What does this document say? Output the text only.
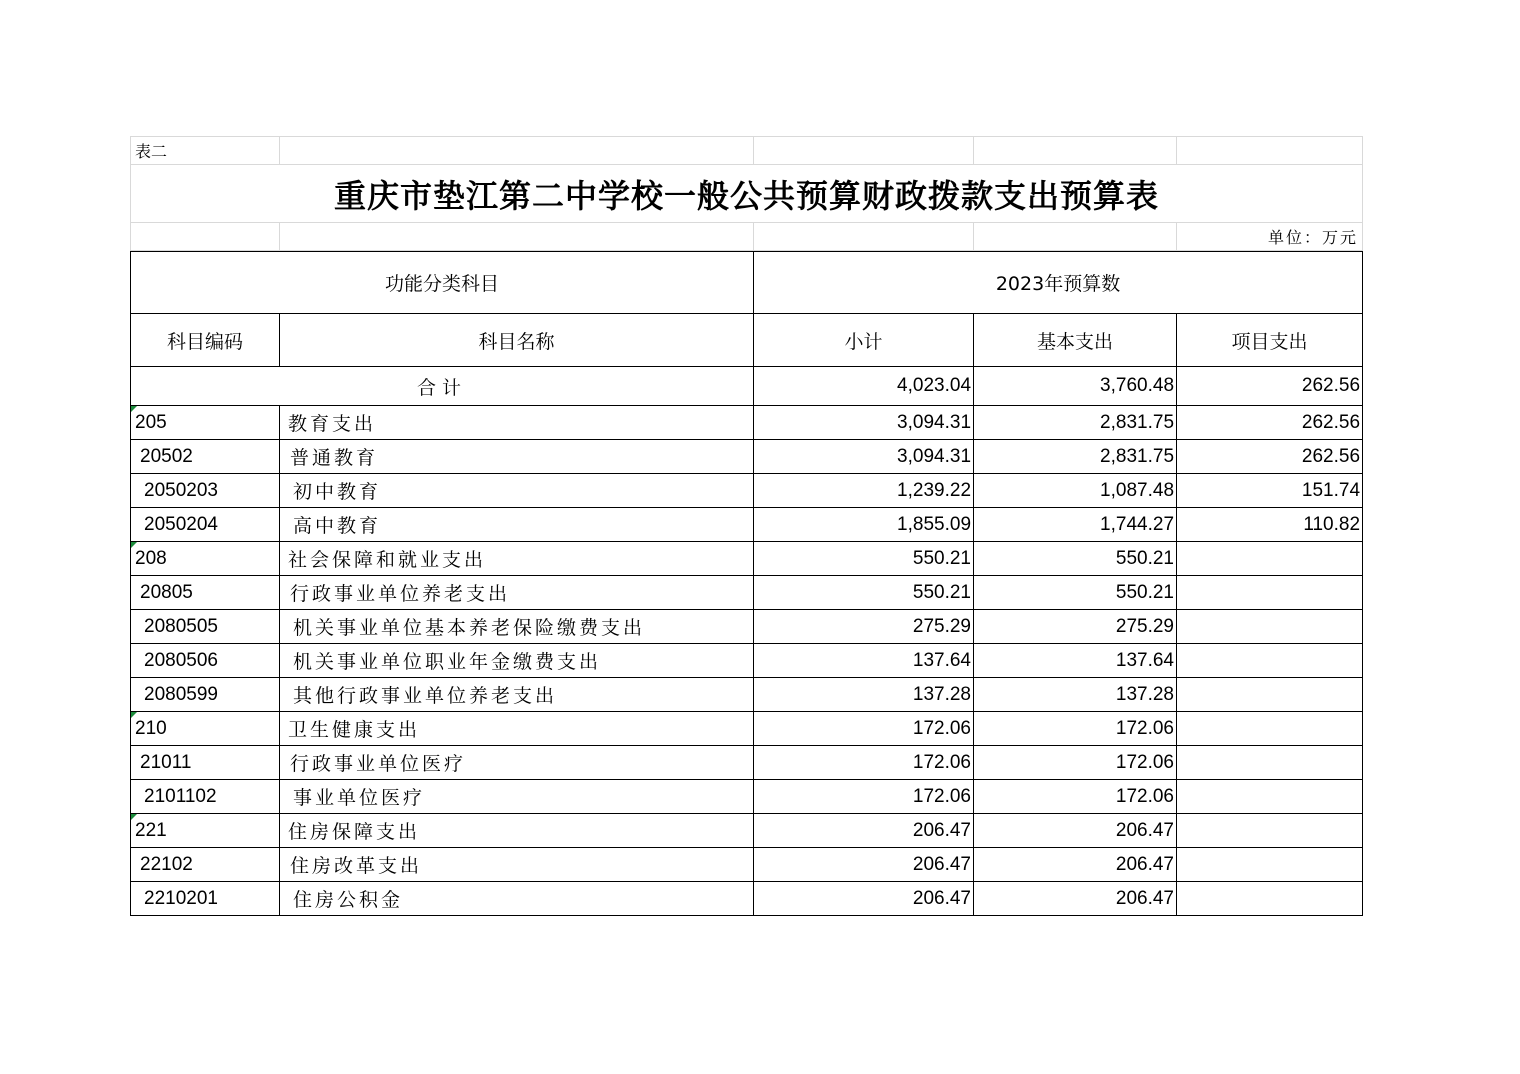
表二				
重庆市垫江第二中学校一般公共预算财政拨款支出预算表				
				单位：万元
功能分类科目		2023年预算数		
科目编码	科目名称	小计	基本支出	项目支出
合计		4,023.04	3,760.48	262.56

205	教育支出	3,094.31	2,831.75	262.56
20502	普通教育	3,094.31	2,831.75	262.56
2050203	初中教育	1,239.22	1,087.48	151.74
2050204	高中教育	1,855.09	1,744.27	110.82

208	社会保障和就业支出	550.21	550.21	
20805	行政事业单位养老支出	550.21	550.21	
2080505	机关事业单位基本养老保险缴费支出	275.29	275.29	
2080506	机关事业单位职业年金缴费支出	137.64	137.64	
2080599	其他行政事业单位养老支出	137.28	137.28	

210	卫生健康支出	172.06	172.06	
21011	行政事业单位医疗	172.06	172.06	
2101102	事业单位医疗	172.06	172.06	

221	住房保障支出	206.47	206.47	
22102	住房改革支出	206.47	206.47	
2210201	住房公积金	206.47	206.47	
